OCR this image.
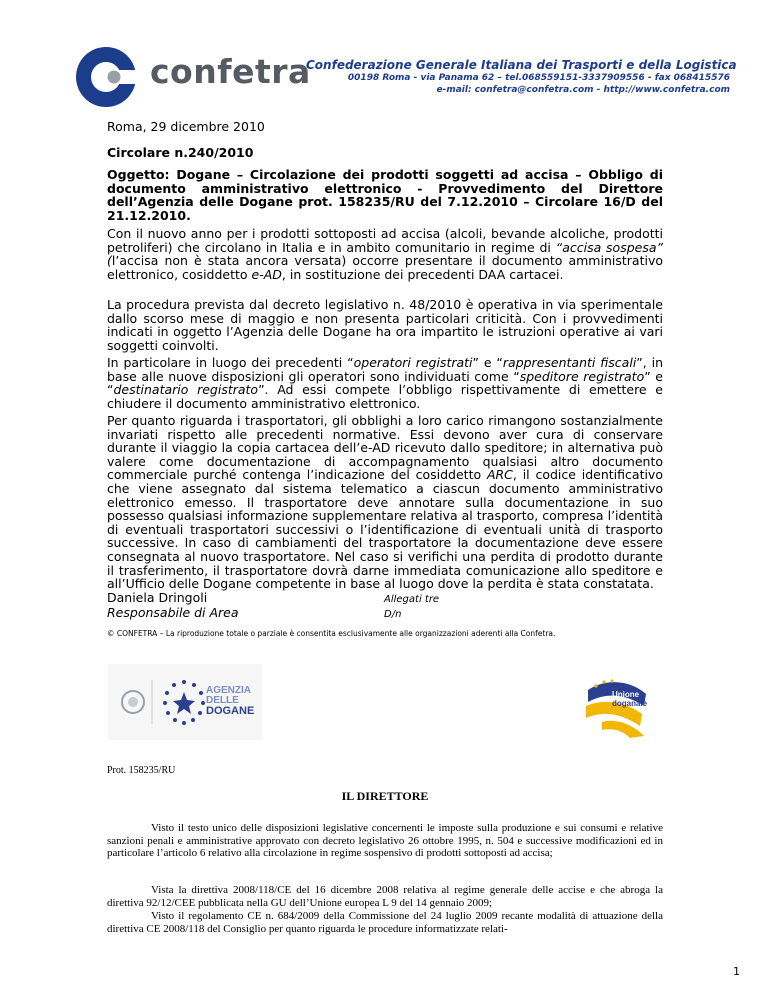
confetra
Confederazione Generale Italiana dei Trasporti e della Logistica
00198 Roma - via Panama 62 – tel.068559151-3337909556 - fax 068415576
e-mail: confetra@confetra.com - http://www.confetra.com
Roma, 29 dicembre 2010
Circolare n.240/2010
Oggetto: Dogane – Circolazione dei prodotti soggetti ad accisa – Obbligo di documento amministrativo elettronico - Provvedimento del Direttore dell’Agenzia delle Dogane prot. 158235/RU del 7.12.2010 – Circolare 16/D del 21.12.2010.
Con il nuovo anno per i prodotti sottoposti ad accisa (alcoli, bevande alcoliche, prodotti petroliferi) che circolano in Italia e in ambito comunitario in regime di “accisa sospesa” (l’accisa non è stata ancora versata) occorre presentare il documento amministrativo elettronico, cosiddetto e-AD, in sostituzione dei precedenti DAA cartacei.
La procedura prevista dal decreto legislativo n. 48/2010 è operativa in via sperimentale dallo scorso mese di maggio e non presenta particolari criticità. Con i provvedimenti indicati in oggetto l’Agenzia delle Dogane ha ora impartito le istruzioni operative ai vari soggetti coinvolti.
In particolare in luogo dei precedenti “operatori registrati” e “rappresentanti fiscali”, in base alle nuove disposizioni gli operatori sono individuati come “speditore registrato” e “destinatario registrato”. Ad essi compete l’obbligo rispettivamente di emettere e chiudere il documento amministrativo elettronico.
Per quanto riguarda i trasportatori, gli obblighi a loro carico rimangono sostanzialmente invariati rispetto alle precedenti normative. Essi devono aver cura di conservare durante il viaggio la copia cartacea dell’e-AD ricevuto dallo speditore; in alternativa può valere come documentazione di accompagnamento qualsiasi altro documento commerciale purché contenga l’indicazione del cosiddetto ARC, il codice identificativo che viene assegnato dal sistema telematico a ciascun documento amministrativo elettronico emesso. Il trasportatore deve annotare sulla documentazione in suo possesso qualsiasi informazione supplementare relativa al trasporto, compresa l’identità di eventuali trasportatori successivi o l’identificazione di eventuali unità di trasporto successive. In caso di cambiamenti del trasportatore la documentazione deve essere consegnata al nuovo trasportatore. Nel caso si verifichi una perdita di prodotto durante il trasferimento, il trasportatore dovrà darne immediata comunicazione allo speditore e all’Ufficio delle Dogane competente in base al luogo dove la perdita è stata constatata.
Daniela Dringoli
Responsabile di Area
Allegati tre
D/n
© CONFETRA – La riproduzione totale o parziale è consentita esclusivamente alle organizzazioni aderenti alla Confetra.
AGENZIA
DELLE
DOGANE
Unione
doganale
Prot. 158235/RU
IL DIRETTORE
Visto il testo unico delle disposizioni legislative concernenti le imposte sulla produzione e sui consumi e relative sanzioni penali e amministrative approvato con decreto legislativo 26 ottobre 1995, n. 504 e successive modificazioni ed in particolare l’articolo 6 relativo alla circolazione in regime sospensivo di prodotti sottoposti ad accisa;
Vista la direttiva 2008/118/CE del 16 dicembre 2008 relativa al regime generale delle accise e che abroga la direttiva 92/12/CEE pubblicata nella GU dell’Unione europea L 9 del 14 gennaio 2009;
Visto il regolamento CE n. 684/2009 della Commissione del 24 luglio 2009 recante modalità di attuazione della direttiva CE 2008/118 del Consiglio per quanto riguarda le procedure informatizzate relati-
1
